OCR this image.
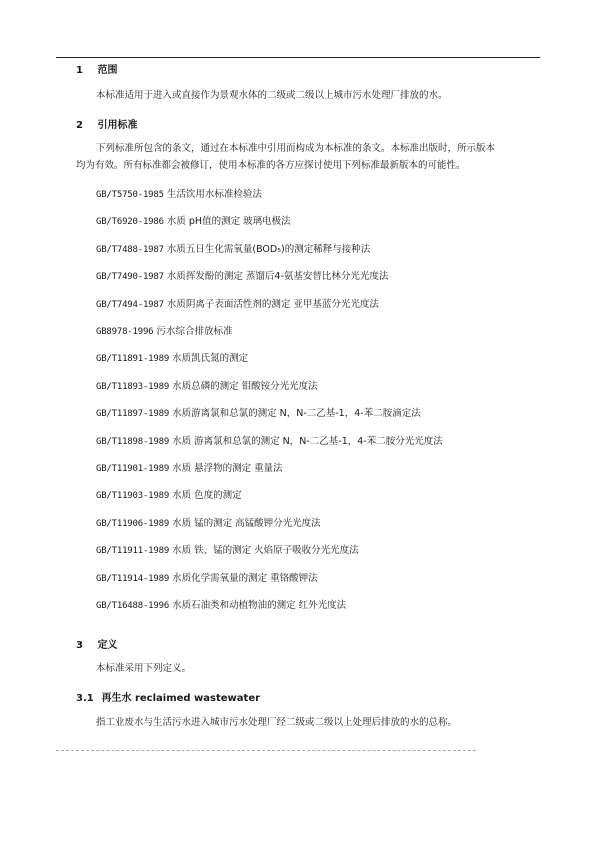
1 范围
本标准适用于进入或直接作为景观水体的二级或二级以上城市污水处理厂排放的水。
2 引用标准
下列标准所包含的条文，通过在本标准中引用而构成为本标准的条文。本标准出版时，所示版本
均为有效。所有标准都会被修订，使用本标准的各方应探讨使用下列标准最新版本的可能性。
GB/T5750-1985 生活饮用水标准检验法
GB/T6920-1986 水质 pH值的测定 玻璃电极法
GB/T7488-1987 水质五日生化需氧量(BOD₅)的测定稀释与接种法
GB/T7490-1987 水质挥发酚的测定 蒸馏后4-氨基安替比林分光光度法
GB/T7494-1987 水质阴离子表面活性剂的测定 亚甲基蓝分光光度法
GB8978-1996 污水综合排放标准
GB/T11891-1989 水质凯氏氮的测定
GB/T11893-1989 水质总磷的测定 钼酸铵分光光度法
GB/T11897-1989 水质游离氯和总氯的测定 N，N-二乙基-1，4-苯二胺滴定法
GB/T11898-1989 水质 游离氯和总氯的测定 N，N-二乙基-1，4-苯二胺分光光度法
GB/T11901-1989 水质 悬浮物的测定 重量法
GB/T11903-1989 水质 色度的测定
GB/T11906-1989 水质 锰的测定 高锰酸钾分光光度法
GB/T11911-1989 水质 铁、锰的测定 火焰原子吸收分光光度法
GB/T11914-1989 水质化学需氧量的测定 重铬酸钾法
GB/T16488-1996 水质石油类和动植物油的测定 红外光度法
3 定义
本标准采用下列定义。
3.1 再生水 reclaimed wastewater
指工业废水与生活污水进入城市污水处理厂经二级或二级以上处理后排放的水的总称。
